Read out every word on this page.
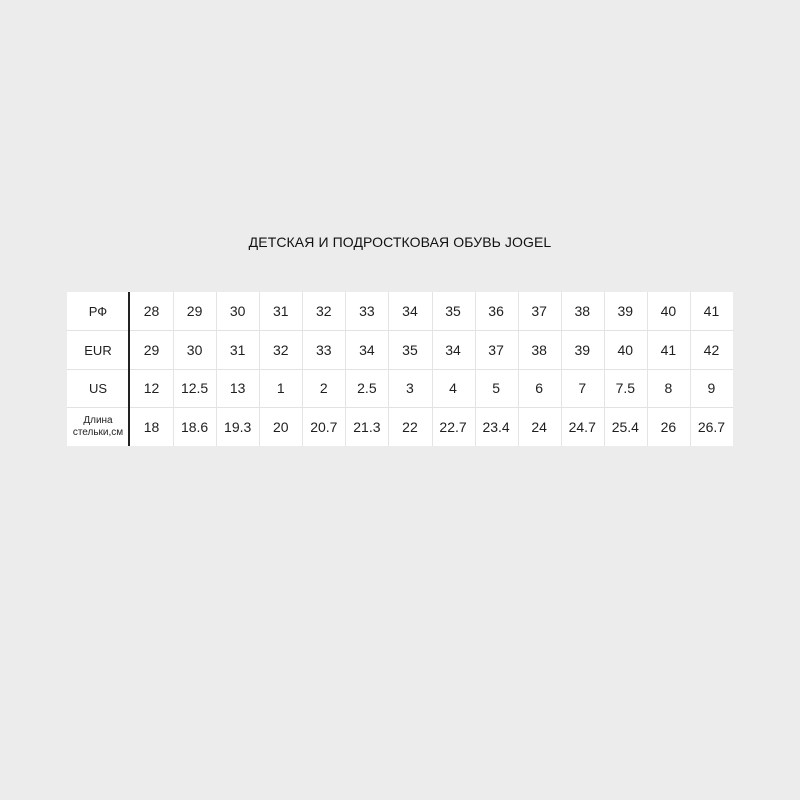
ДЕТСКАЯ И ПОДРОСТКОВАЯ ОБУВЬ JOGEL
РФ	28	29	30	31	32	33	34	35	36	37	38	39	40	41
EUR	29	30	31	32	33	34	35	34	37	38	39	40	41	42
US	12	12.5	13	1	2	2.5	3	4	5	6	7	7.5	8	9
Длина
стельки,см	18	18.6	19.3	20	20.7	21.3	22	22.7	23.4	24	24.7	25.4	26	26.7
